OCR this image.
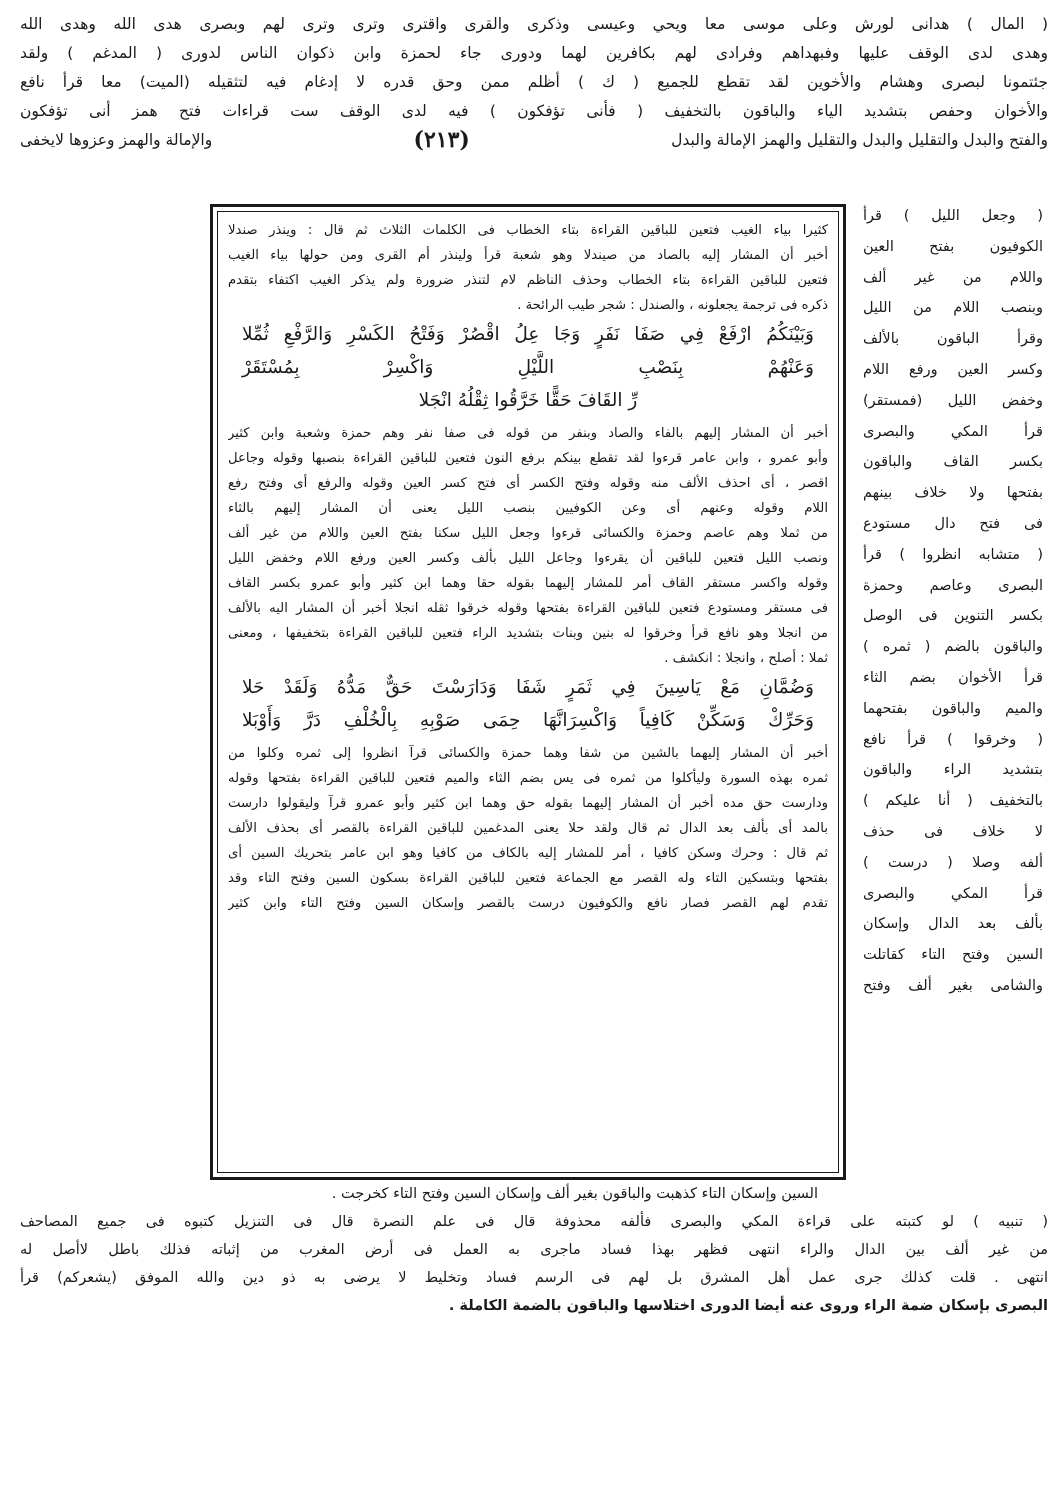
( المال ) هدانى لورش وعلى موسى معا ويحي وعيسى وذكرى والقرى واقترى وترى وترى لهم وبصرى هدى الله وهدى الله
وهدى لدى الوقف عليها وفبهداهم وفرادى لهم بكافرين لهما ودورى جاء لحمزة وابن ذكوان الناس لدورى ( المدغم ) ولقد
جئتمونا لبصرى وهشام والأخوين لقد تقطع للجميع ( ك ) أظلم ممن وحق قدره لا إدغام فيه لتثقيله (الميت) معا قرأ نافع
والأخوان وحفص بتشديد الياء والباقون بالتخفيف ( فأنى تؤفكون ) فيه لدى الوقف ست قراءات فتح همز أنى تؤفكون
والفتح والبدل والتقليل والبدل والتقليل والهمز الإمالة والبدل
(٢١٣)
والإمالة والهمز وعزوها لايخفى
( وجعل الليل ) قرأ
الكوفيون بفتح العين
واللام من غير ألف
وبنصب اللام من الليل
وقرأ الباقون بالألف
وكسر العين ورفع اللام
وخفض الليل (فمستقر)
قرأ المكي والبصرى
بكسر القاف والباقون
بفتحها ولا خلاف بينهم
فى فتح دال مستودع
( متشابه انظروا ) قرأ
البصرى وعاصم وحمزة
بكسر التنوين فى الوصل
والباقون بالضم ( ثمره )
قرأ الأخوان بضم الثاء
والميم والباقون بفتحهما
( وخرقوا ) قرأ نافع
بتشديد الراء والباقون
بالتخفيف ( أنا عليكم )
لا خلاف فى حذف
ألفه وصلا ( درست )
قرأ المكي والبصرى
بألف بعد الدال وإسكان
السين وفتح التاء كقاتلت
والشامى بغير ألف وفتح
كثيرا بياء الغيب فتعين للباقين القراءة بتاء الخطاب فى الكلمات الثلاث ثم قال : وينذر صندلا
أخبر أن المشار إليه بالصاد من صيندلا وهو شعبة قرأ ولينذر أم القرى ومن حولها بياء الغيب
فتعين للباقين القراءة بتاء الخطاب وحذف الناظم لام لتنذر ضرورة ولم يذكر الغيب اكتفاء بتقدم
ذكره فى ترجمة يجعلونه ، والصندل : شجر طيب الرائحة .
وَبَيْنَكُمُ ارْفَعْ فِي صَفَا نَفَرٍ وَجَا عِلُ اقْصُرْ وَفَتْحُ الكَسْرِ وَالرَّفْعِ ثُمِّلا
وَعَنْهُمْ بِنَصْبِ اللَّيْلِ وَاكْسِرْ بِمُسْتَقَرْ
رِّ القَافَ حَقًّا خَرَّقُوا ثِقْلُهُ انْجَلا
أخبر أن المشار إليهم بالفاء والصاد وبنفر من قوله فى صفا نفر وهم حمزة وشعبة وابن كثير
وأبو عمرو ، وابن عامر قرءوا لقد تقطع بينكم برفع النون فتعين للباقين القراءة بنصبها وقوله وجاعل
اقصر ، أى احذف الألف منه وقوله وفتح الكسر أى فتح كسر العين وقوله والرفع أى وفتح رفع
اللام وقوله وعنهم أى وعن الكوفيين بنصب الليل يعنى أن المشار إليهم بالثاء
من ثملا وهم عاصم وحمزة والكسائى قرءوا وجعل الليل سكنا بفتح العين واللام من غير ألف
ونصب الليل فتعين للباقين أن يقرءوا وجاعل الليل بألف وكسر العين ورفع اللام وخفض الليل
وقوله واكسر مستقر القاف أمر للمشار إليهما بقوله حقا وهما ابن كثير وأبو عمرو بكسر القاف
فى مستقر ومستودع فتعين للباقين القراءة بفتحها وقوله خرقوا ثقله انجلا أخبر أن المشار اليه بالألف
من انجلا وهو نافع قرأ وخرقوا له بنين وبنات بتشديد الراء فتعين للباقين القراءة بتخفيفها ، ومعنى
ثملا : أصلح ، وانجلا : انكشف .
وَضُمَّانِ مَعْ يَاسِينَ فِي ثَمَرٍ شَفَا وَدَارَسْتَ حَقٌّ مَدُّهُ وَلَقَدْ حَلا
وَحَرِّكْ وَسَكِّنْ كَافِياً وَاكْسِرَانَّهَا حِمَى صَوْبِهِ بِالْخُلْفِ دَرَّ وَأَوْبَلا
أخبر أن المشار إليهما بالشين من شفا وهما حمزة والكسائى قرآ انظروا إلى ثمره وكلوا من
ثمره بهذه السورة وليأكلوا من ثمره فى يس بضم الثاء والميم فتعين للباقين القراءة بفتحها وقوله
ودارست حق مده أخبر أن المشار إليهما بقوله حق وهما ابن كثير وأبو عمرو قرآ وليقولوا دارست
بالمد أى بألف بعد الدال ثم قال ولقد حلا يعنى المدغمين للباقين القراءة بالقصر أى بحذف الألف
ثم قال : وحرك وسكن كافيا ، أمر للمشار إليه بالكاف من كافيا وهو ابن عامر بتحريك السين أى
بفتحها وبتسكين التاء وله القصر مع الجماعة فتعين للباقين القراءة بسكون السين وفتح التاء وقد
تقدم لهم القصر فصار نافع والكوفيون درست بالقصر وإسكان السين وفتح التاء وابن كثير
السين وإسكان التاء كذهبت والباقون بغير ألف وإسكان السين وفتح التاء كخرجت .
( تنبيه ) لو كتبته على قراءة المكي والبصرى فألفه محذوفة قال فى علم النصرة قال فى التنزيل كتبوه فى جميع المصاحف
من غير ألف بين الدال والراء انتهى فظهر بهذا فساد ماجرى به العمل فى أرض المغرب من إثباته فذلك باطل لاأصل له
انتهى . قلت كذلك جرى عمل أهل المشرق بل لهم فى الرسم فساد وتخليط لا يرضى به ذو دين والله الموفق (يشعركم) قرأ
البصرى بإسكان ضمة الراء وروى عنه أيضا الدورى اختلاسها والباقون بالضمة الكاملة .
